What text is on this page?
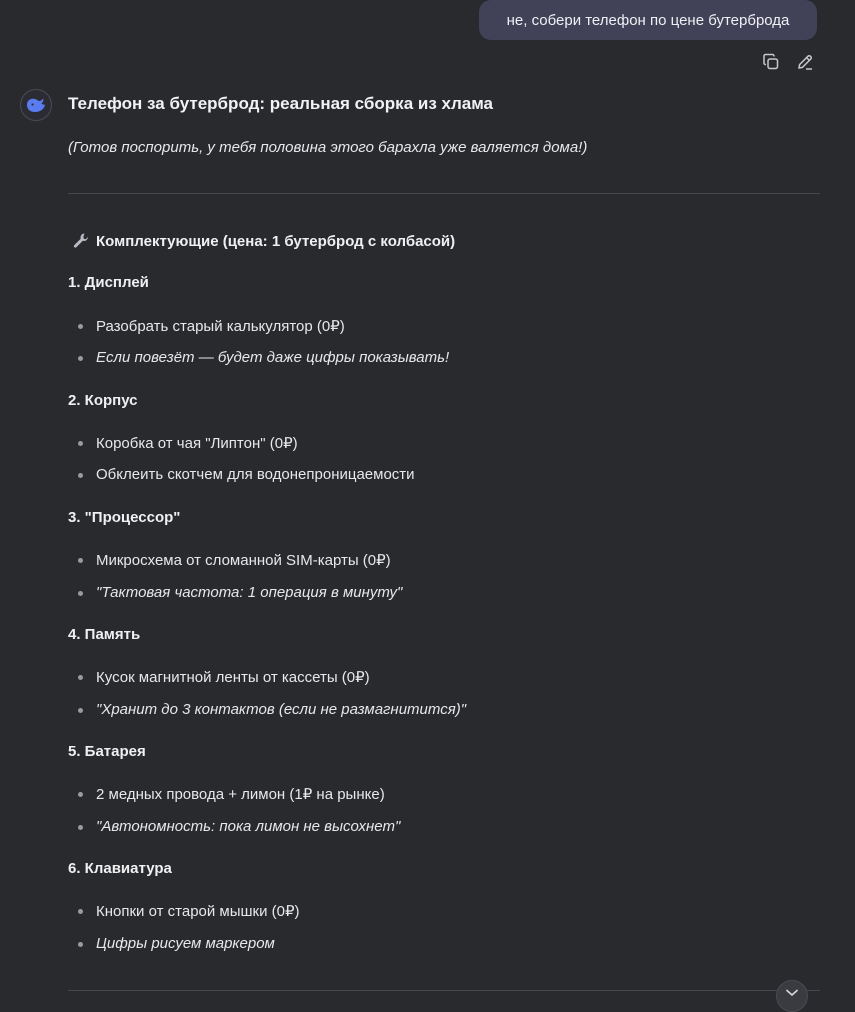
не, собери телефон по цене бутерброда
Телефон за бутерброд: реальная сборка из хлама
(Готов поспорить, у тебя половина этого барахла уже валяется дома!)
Комплектующие (цена: 1 бутерброд с колбасой)
1. Дисплей
Разобрать старый калькулятор (0₽)
Если повезёт — будет даже цифры показывать!
2. Корпус
Коробка от чая "Липтон" (0₽)
Обклеить скотчем для водонепроницаемости
3. "Процессор"
Микросхема от сломанной SIM-карты (0₽)
"Тактовая частота: 1 операция в минуту"
4. Память
Кусок магнитной ленты от кассеты (0₽)
"Хранит до 3 контактов (если не размагнитится)"
5. Батарея
2 медных провода + лимон (1₽ на рынке)
"Автономность: пока лимон не высохнет"
6. Клавиатура
Кнопки от старой мышки (0₽)
Цифры рисуем маркером
